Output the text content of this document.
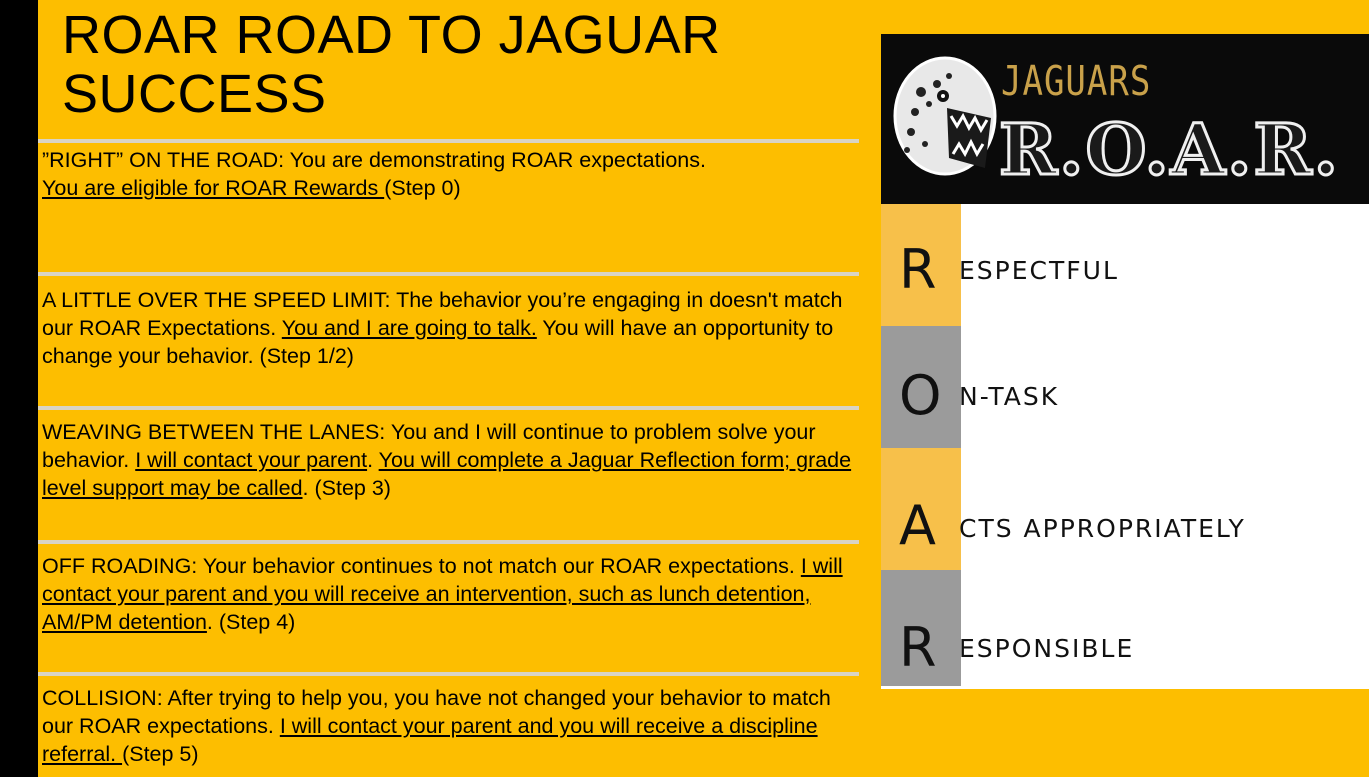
ROAR ROAD TO JAGUAR
SUCCESS
”RIGHT” ON THE ROAD: You are demonstrating ROAR expectations.
You are eligible for ROAR Rewards (Step 0)
A LITTLE OVER THE SPEED LIMIT: The behavior you’re engaging in doesn't match our ROAR Expectations. You and I are going to talk. You will have an opportunity to change your behavior. (Step 1/2)
WEAVING BETWEEN THE LANES: You and I will continue to problem solve your behavior. I will contact your parent. You will complete a Jaguar Reflection form; grade level support may be called. (Step 3)
OFF ROADING: Your behavior continues to not match our ROAR expectations. I will contact your parent and you will receive an intervention, such as lunch detention, AM/PM detention. (Step 4)
COLLISION: After trying to help you, you have not changed your behavior to match our ROAR expectations. I will contact your parent and you will receive a discipline referral. (Step 5)
JAGUARS
R.O.A.R.
R ESPECTFUL
O N-TASK
A CTS APPROPRIATELY
R ESPONSIBLE
